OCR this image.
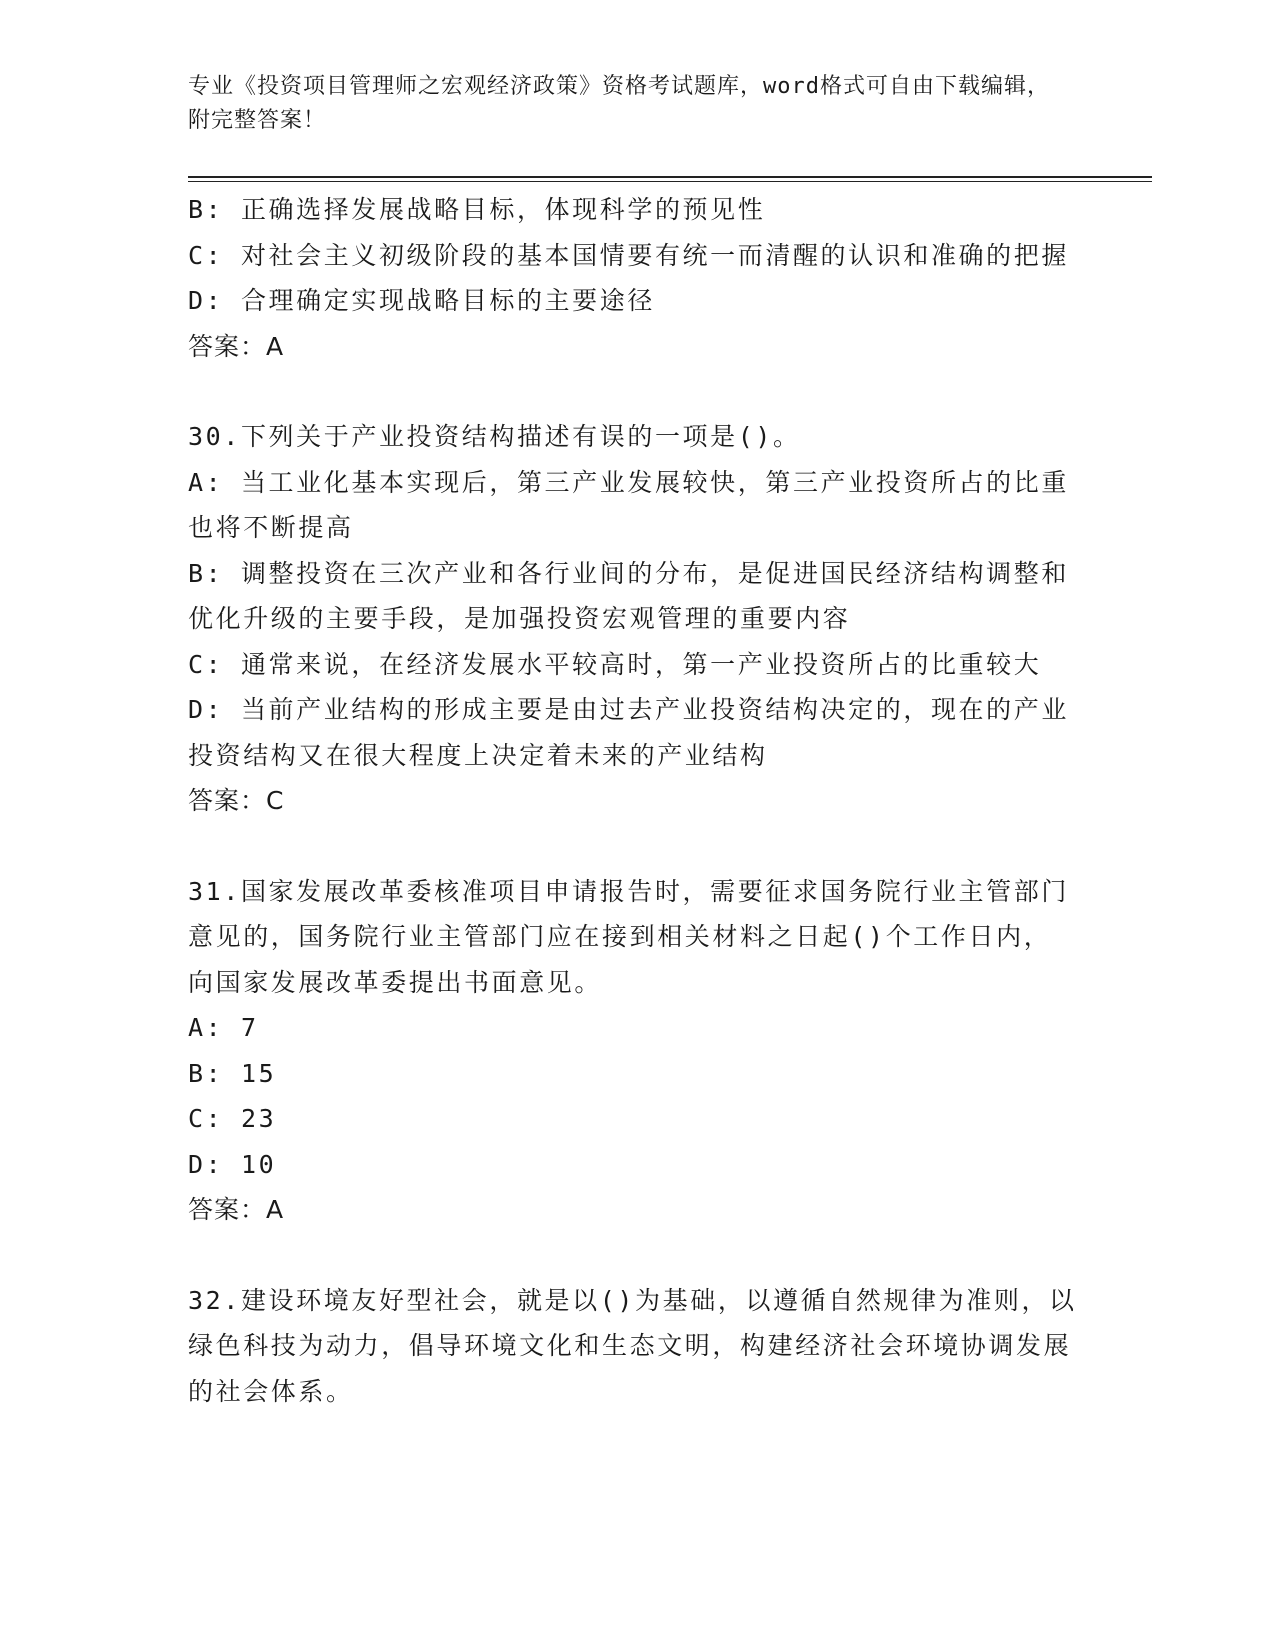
专业《投资项目管理师之宏观经济政策》资格考试题库，word格式可自由下载编辑，附完整答案！
B: 正确选择发展战略目标，体现科学的预见性
C: 对社会主义初级阶段的基本国情要有统一而清醒的认识和准确的把握
D: 合理确定实现战略目标的主要途径
答案：A
30.下列关于产业投资结构描述有误的一项是()。
A: 当工业化基本实现后，第三产业发展较快，第三产业投资所占的比重也将不断提高
B: 调整投资在三次产业和各行业间的分布，是促进国民经济结构调整和优化升级的主要手段，是加强投资宏观管理的重要内容
C: 通常来说，在经济发展水平较高时，第一产业投资所占的比重较大
D: 当前产业结构的形成主要是由过去产业投资结构决定的，现在的产业投资结构又在很大程度上决定着未来的产业结构
答案：C
31.国家发展改革委核准项目申请报告时，需要征求国务院行业主管部门意见的，国务院行业主管部门应在接到相关材料之日起()个工作日内，向国家发展改革委提出书面意见。
A: 7
B: 15
C: 23
D: 10
答案：A
32.建设环境友好型社会，就是以()为基础，以遵循自然规律为准则，以绿色科技为动力，倡导环境文化和生态文明，构建经济社会环境协调发展的社会体系。
